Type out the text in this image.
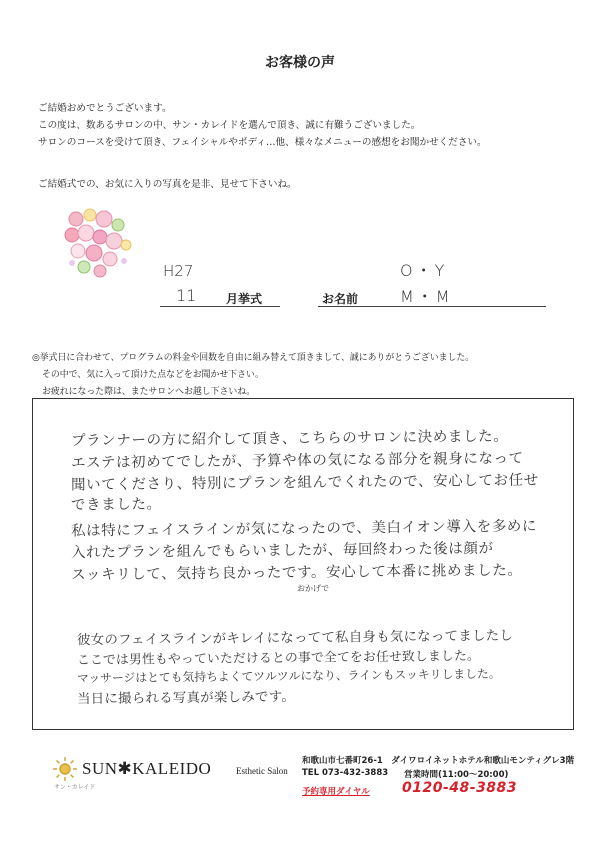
お客様の声

ご結婚おめでとうございます。

この度は、数あるサロンの中、サン・カレイドを選んで頂き、誠に有難うございました。

サロンのコースを受けて頂き、フェイシャルやボディ…他、様々なメニューの感想をお聞かせください。

ご結婚式での、お気に入りの写真を是非、見せて下さいね。
H27
11 月挙式	お名前
O・Y
M・M

◎挙式日に合わせて、プログラムの料金や回数を自由に組み替えて頂きまして、誠にありがとうございました。

その中で、気に入って頂けた点などをお聞かせ下さい。

お疲れになった際は、またサロンへお越し下さいね。

プランナーの方に紹介して頂き、こちらのサロンに決めました。
エステは初めてでしたが、予算や体の気になる部分を親身になって
聞いてくださり、特別にプランを組んでくれたので、安心してお任せ
できました。
私は特にフェイスラインが気になったので、美白イオン導入を多めに
入れたプランを組んでもらいましたが、毎回終わった後は顔が
スッキリして、気持ち良かったです。安心して本番に挑めました。
おかげで
彼女のフェイスラインがキレイになってて私自身も気になってましたし
ここでは男性もやっていただけるとの事で全てをお任せ致しました。
マッサージはとても気持ちよくてツルツルになり、ラインもスッキリしました。
当日に撮られる写真が楽しみです。
SUN✱KALEIDO
サン・カレイド
Esthetic Salon
和歌山市七番町26-1　ダイワロイネットホテル和歌山モンティグレ3階
TEL 073-432-3883 営業時間(11:00～20:00)
予約専用ダイヤル 0120-48-3883
